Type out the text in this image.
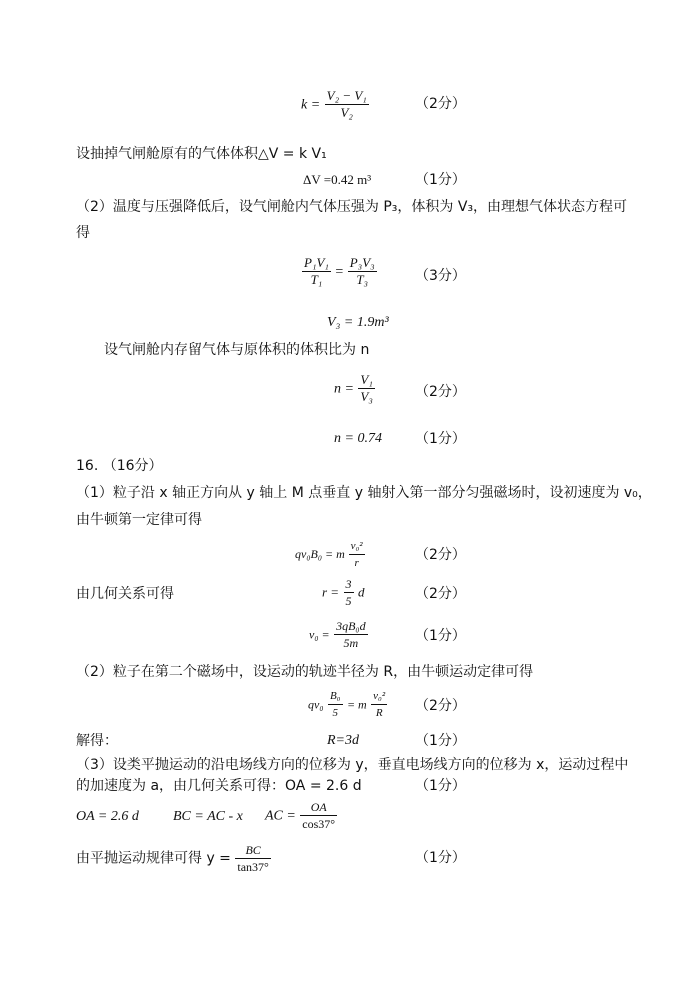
$k = \frac{\text{V₂ − V₁}}{\text{V₂}}$	（2分）
设抽掉气闸舱原有的气体体积△V = k V₁
ΔV =0.42 m³	（1分）
（2）温度与压强降低后，设气闸舱内气体压强为 P₃，体积为 V₃，由理想气体状态方程可
得
$\frac{\text{P₁V₁}}{\text{T₁}} = \frac{\text{P₃V₃}}{\text{T₃}}$	（3分）
V₃ = 1.9m³
设气闸舱内存留气体与原体积的体积比为 n
$n = \frac{\text{V₁}}{\text{V₃}}$	（2分）
n = 0.74 （1分）
16. （16分）
（1）粒子沿 x 轴正方向从 y 轴上 M 点垂直 y 轴射入第一部分匀强磁场时，设初速度为 v₀，
由牛顿第一定律可得
qv₀B₀ = m $\frac{\text{v₀²}}{r}$	（2分）
由几何关系可得	$r = \frac{3}{5}$ d	（2分）
$v_0 = \frac{\text{3qB₀d}}{5m}$	（1分）
（2）粒子在第二个磁场中，设运动的轨迹半径为 R，由牛顿运动定律可得
$qv_0 \frac{\text{B₀}}{5} = m \frac{\text{v₀²}}{R} (2$分）
解得：	R=3d	（1分）
（3）设类平抛运动的沿电场线方向的位移为 y，垂直电场线方向的位移为 x，运动过程中
的加速度为 a，由几何关系可得：OA = 2.6 d	（1分）
OA = 2.6 d BC = AC - x AC = $\frac{OA}{\cos 37^\circ}$
由平抛运动规律可得 $y = \frac{BC}{\tan 37^\circ}$	（1分）
